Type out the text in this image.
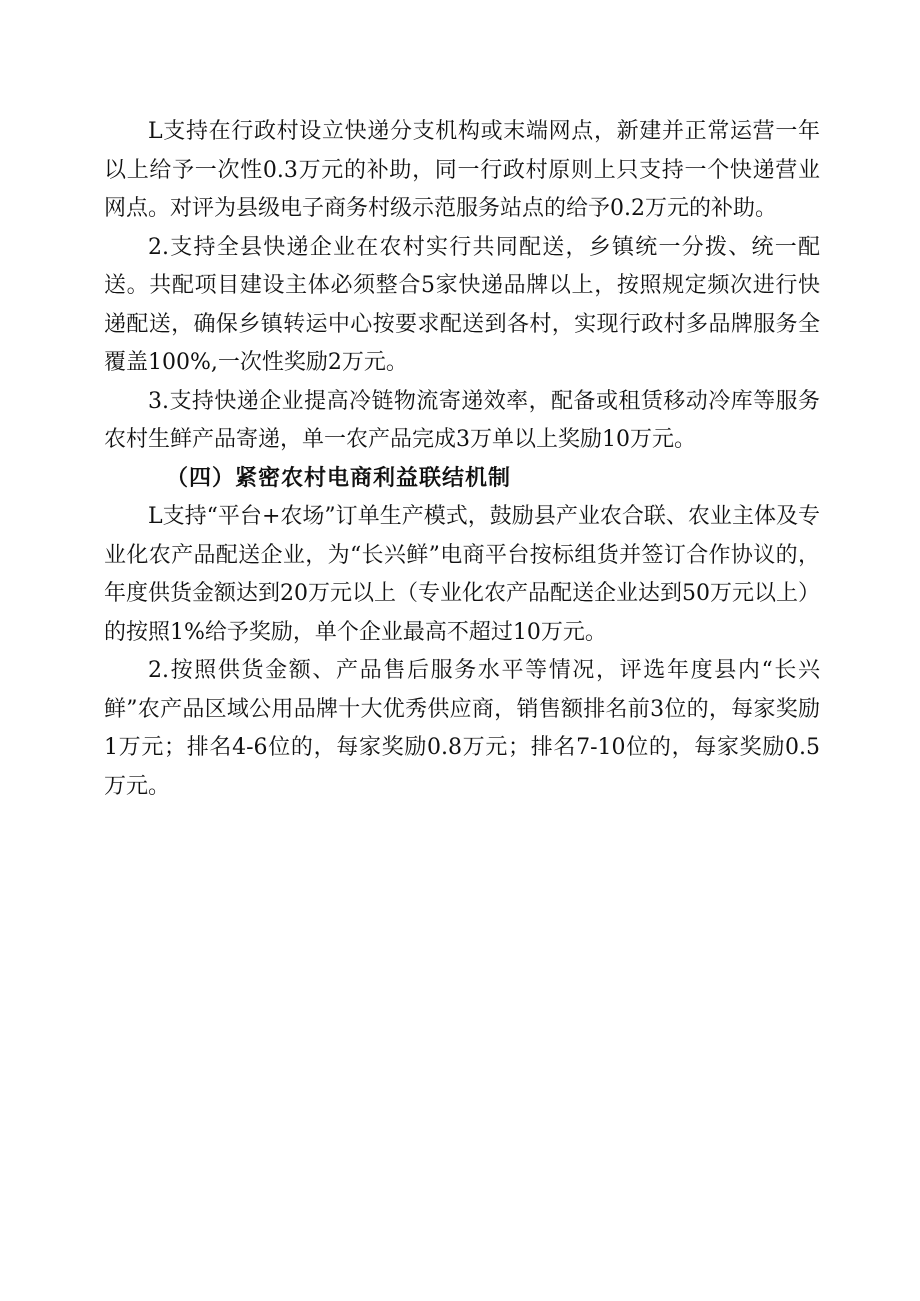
L支持在行政村设立快递分支机构或末端网点，新建并正常运营一年以上给予一次性0.3万元的补助，同一行政村原则上只支持一个快递营业网点。对评为县级电子商务村级示范服务站点的给予0.2万元的补助。

2.支持全县快递企业在农村实行共同配送，乡镇统一分拨、统一配送。共配项目建设主体必须整合5家快递品牌以上，按照规定频次进行快递配送，确保乡镇转运中心按要求配送到各村，实现行政村多品牌服务全覆盖100%,一次性奖励2万元。

3.支持快递企业提高冷链物流寄递效率，配备或租赁移动冷库等服务农村生鲜产品寄递，单一农产品完成3万单以上奖励10万元。

（四）紧密农村电商利益联结机制

L支持“平台+农场”订单生产模式，鼓励县产业农合联、农业主体及专业化农产品配送企业，为“长兴鲜”电商平台按标组货并签订合作协议的，年度供货金额达到20万元以上（专业化农产品配送企业达到50万元以上）的按照1%给予奖励，单个企业最高不超过10万元。

2.按照供货金额、产品售后服务水平等情况，评选年度县内“长兴鲜”农产品区域公用品牌十大优秀供应商，销售额排名前3位的，每家奖励1万元；排名4-6位的，每家奖励0.8万元；排名7-10位的，每家奖励0.5万元。
